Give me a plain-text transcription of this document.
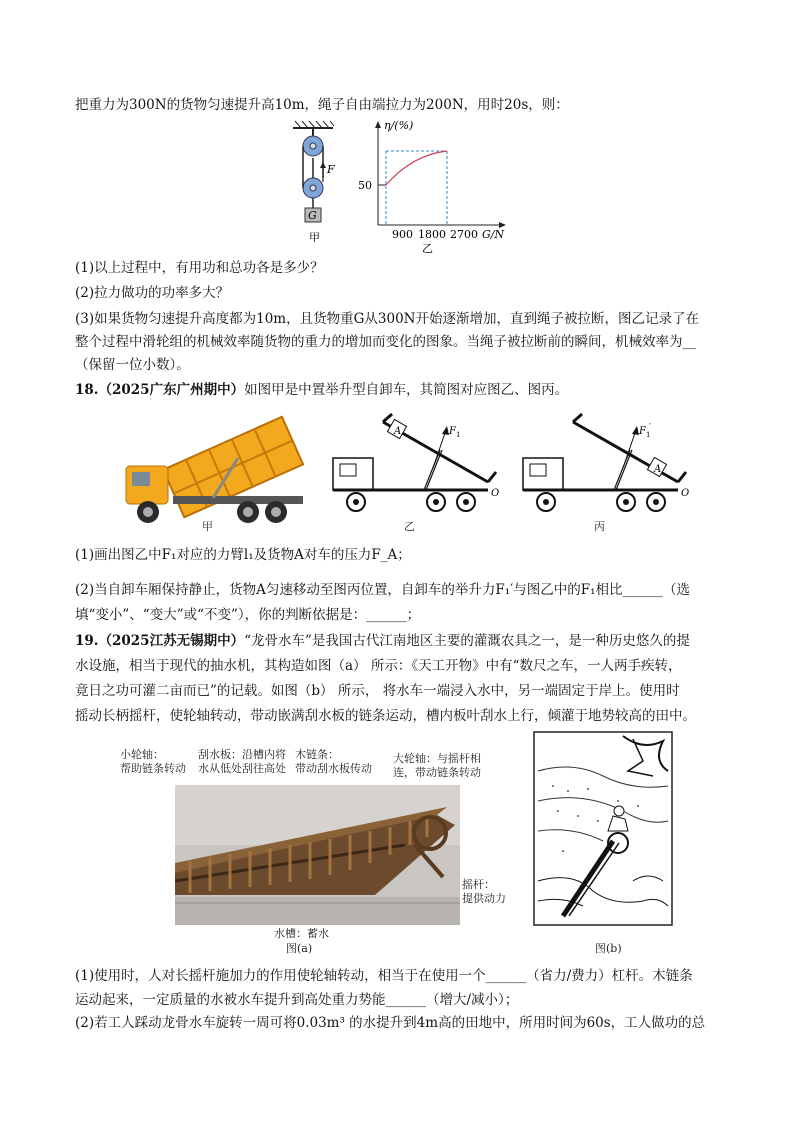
把重力为300N的货物匀速提升高10m，绳子自由端拉力为200N，用时20s，则：
F
G
甲
η/(%)
50
900 1800 2700 G/N
乙
(1)以上过程中，有用功和总功各是多少？
(2)拉力做功的功率多大？
(3)如果货物匀速提升高度都为10m，且货物重G从300N开始逐渐增加，直到绳子被拉断，图乙记录了在
整个过程中滑轮组的机械效率随货物的重力的增加而变化的图象。当绳子被拉断前的瞬间，机械效率为__
（保留一位小数）。
18.（2025广东广州期中）如图甲是中置举升型自卸车，其简图对应图乙、图丙。
甲
A	F 1
O
乙
A
F 1
′
O
丙
(1)画出图乙中F₁对应的力臂l₁及货物A对车的压力F_A；
(2)当自卸车厢保持静止，货物A匀速移动至图丙位置，自卸车的举升力F₁′与图乙中的F₁相比______（选
填“变小”、“变大”或“不变”），你的判断依据是：______；
19.（2025江苏无锡期中）“龙骨水车”是我国古代江南地区主要的灌溉农具之一，是一种历史悠久的提
水设施，相当于现代的抽水机，其构造如图（a） 所示：《天工开物》中有“数尺之车，一人两手疾转，
竟日之功可灌二亩而已”的记载。如图（b） 所示， 将水车一端浸入水中，另一端固定于岸上。使用时
摇动长柄摇杆，使轮轴转动，带动嵌满刮水板的链条运动，槽内板叶刮水上行，倾灌于地势较高的田中。
小轮轴：
帮助链条转动
刮水板：沿槽内将
水从低处刮往高处
木链条：
带动刮水板传动
大轮轴：与摇杆相
连，带动链条转动
摇杆：
提供动力
水槽：蓄水
图(a)	图(b)
(1)使用时，人对长摇杆施加力的作用使轮轴转动，相当于在使用一个______（省力/费力）杠杆。木链条
运动起来，一定质量的水被水车提升到高处重力势能______（增大/减小）；
(2)若工人踩动龙骨水车旋转一周可将0.03m³ 的水提升到4m高的田地中，所用时间为60s，工人做功的总
